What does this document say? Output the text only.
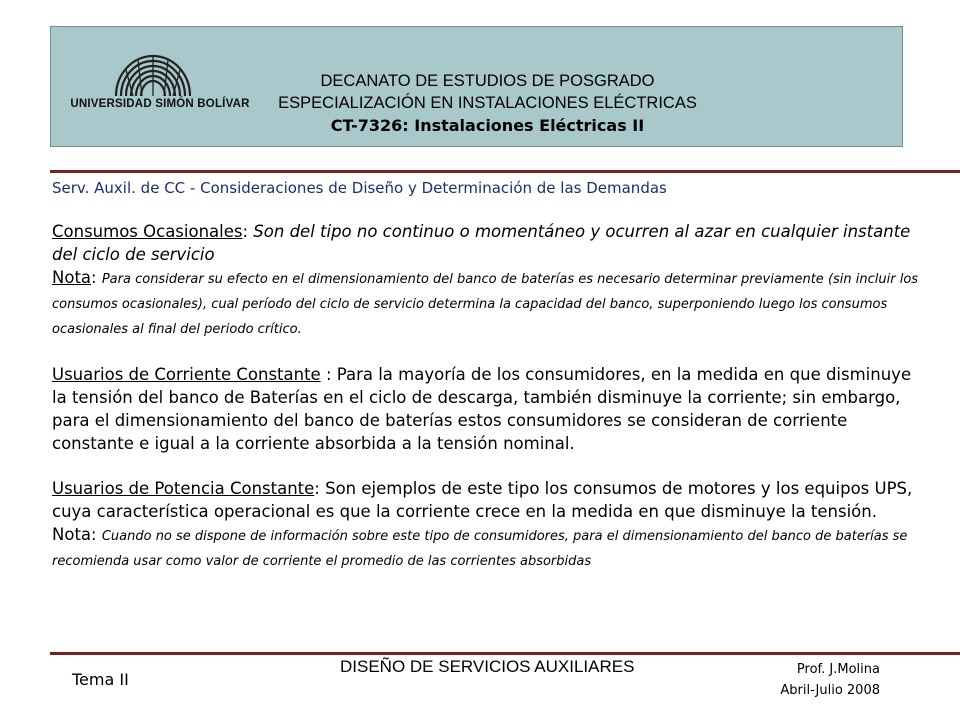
DECANATO DE ESTUDIOS DE POSGRADO
ESPECIALIZACIÓN EN INSTALACIONES ELÉCTRICAS
CT-7326: Instalaciones Eléctricas II
UNIVERSIDAD SIMÓN BOLÍVAR

Serv. Auxil. de CC - Consideraciones de Diseño y Determinación de las Demandas

Consumos Ocasionales: Son del tipo no continuo o momentáneo y ocurren al azar en cualquier instante del ciclo de servicio

Nota: Para considerar su efecto en el dimensionamiento del banco de baterías es necesario determinar previamente (sin incluir los consumos ocasionales), cual período del ciclo de servicio determina la capacidad del banco, superponiendo luego los consumos ocasionales al final del periodo crítico.

Usuarios de Corriente Constante : Para la mayoría de los consumidores, en la medida en que disminuye la tensión del banco de Baterías en el ciclo de descarga, también disminuye la corriente; sin embargo, para el dimensionamiento del banco de baterías estos consumidores se consideran de corriente constante e igual a la corriente absorbida a la tensión nominal.

Usuarios de Potencia Constante: Son ejemplos de este tipo los consumos de motores y los equipos UPS, cuya característica operacional es que la corriente crece en la medida en que disminuye la tensión. Nota: Cuando no se dispone de información sobre este tipo de consumidores, para el dimensionamiento del banco de baterías se recomienda usar como valor de corriente el promedio de las corrientes absorbidas

Tema II
DISEÑO DE SERVICIOS AUXILIARES	Prof. J.Molina
Abril-Julio 2008
